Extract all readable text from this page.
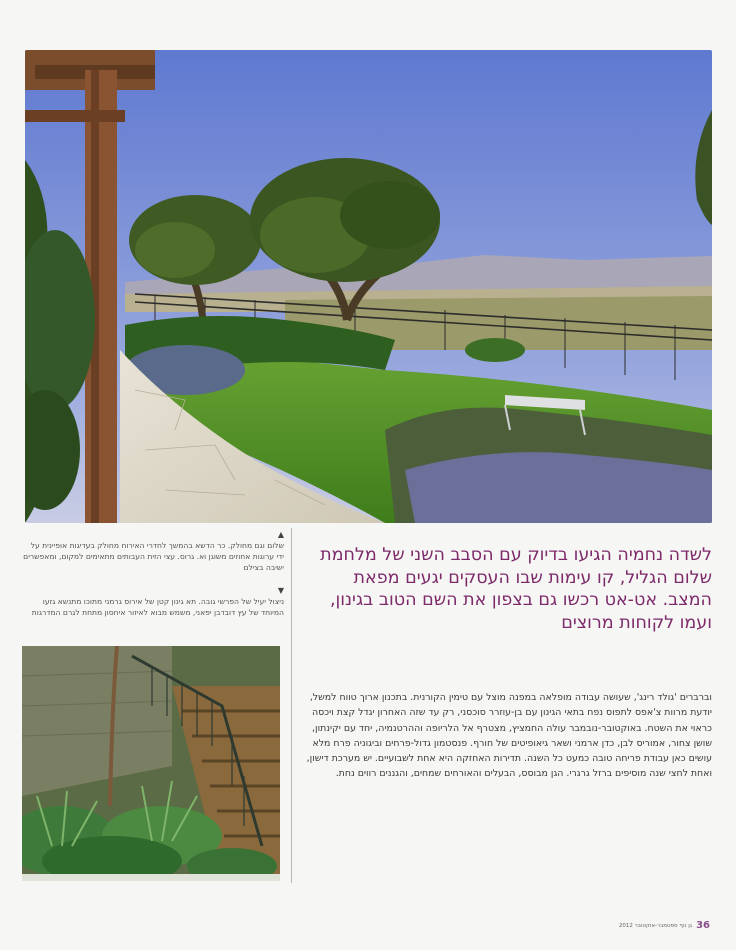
▲
שלום וגם מחולק. כר הדשא בהמשך לחדרי האירוח מחולק בעדיגות אופיינית על ידי ערוגות אחוזים משוגן וא. גרוס. עצי הזית העבותים מתאימים למקום, ומאפשרים ישיבה בצילם
▼
ניצול יעיל של הפרשי גובה. תא גינון קטן של אירוס גרמני מתוכו מתנשא גזעו המיוחד של עץ דובדבן יפאני, משמש מבוא לאיזור איחסון מתחת לגרם המדרגות
לשדה נחמיה הגיעו בדיוק עם הסבב השני של מלחמת שלום הגליל, קו עימות שבו העסקים יגעים מפאת המצב. אט-אט רכשו גם בצפון את השם הטוב בגינון, ועמו לקוחות מרוצים
וברברים 'גולד רינג', שעושה עבודה מופלאה במפנה מוצל עם טימין הקורנית. בתכנון ארוך טווח למשל, יודעת מרוות צ'אפס לתפוס נפח בתאי הגינון עם בן-עוזרר סוכסני, רק עד שזה האחרון יגדל קצת ויכסה כראוי את השטח. באוקטובר-נובמבר עולה החמציץ, מצטרף אל הלריופה וההרטנמיה, יחד עם יקינתון, שושן צחור, אמוריס לבן, כדן ארמני ושאר גיאופיטים של חורף. פנסטמון גדול-פרחים וביגוניה פרח מלא עושים כאן עבודת פריחה טובה כמעט כל השנה. תדירות האחזקה היא אחת לשבועיים. יש מערכת דישון, ואחת לחצי שנה מוסיפים ברזל גרגרי. הגן מבוסס, הבעלים והאורחים שמחים, והגננים רווים נחת.
36
גן נוף ספטמבר-אוקטובר 2012
